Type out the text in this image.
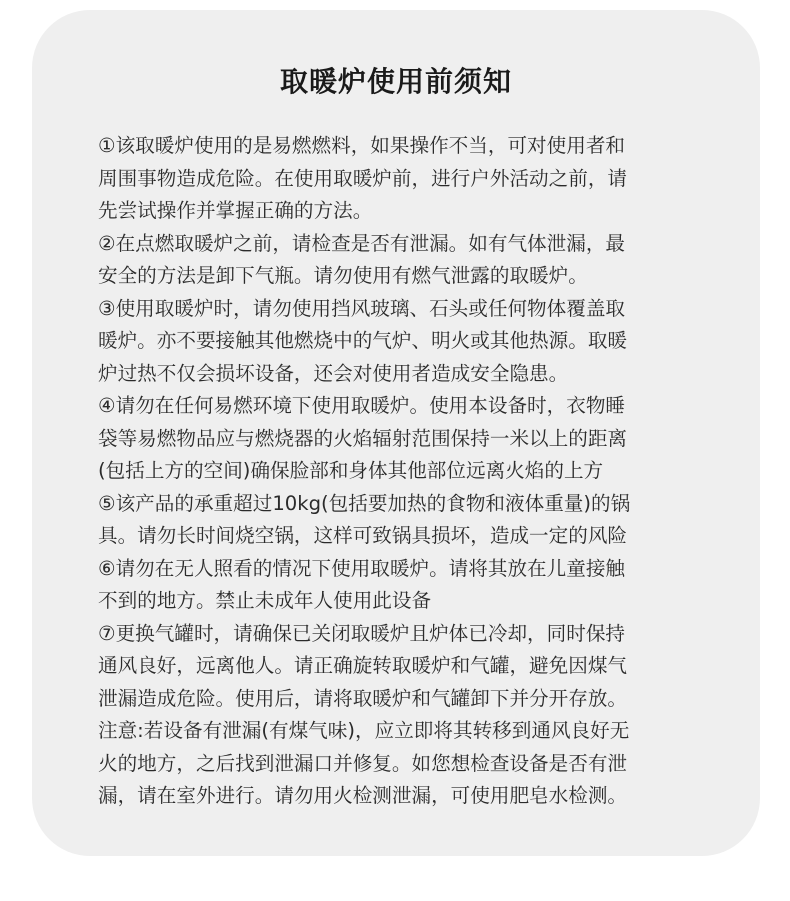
取暖炉使用前须知
①该取暖炉使用的是易燃燃料，如果操作不当，可对使用者和
周围事物造成危险。在使用取暖炉前，进行户外活动之前，请
先尝试操作并掌握正确的方法。
②在点燃取暖炉之前，请检查是否有泄漏。如有气体泄漏，最
安全的方法是卸下气瓶。请勿使用有燃气泄露的取暖炉。
③使用取暖炉时，请勿使用挡风玻璃、石头或任何物体覆盖取
暖炉。亦不要接触其他燃烧中的气炉、明火或其他热源。取暖
炉过热不仅会损坏设备，还会对使用者造成安全隐患。
④请勿在任何易燃环境下使用取暖炉。使用本设备时，衣物睡
袋等易燃物品应与燃烧器的火焰辐射范围保持一米以上的距离
(包括上方的空间)确保脸部和身体其他部位远离火焰的上方
⑤该产品的承重超过10kg(包括要加热的食物和液体重量)的锅
具。请勿长时间烧空锅，这样可致锅具损坏，造成一定的风险
⑥请勿在无人照看的情况下使用取暖炉。请将其放在儿童接触
不到的地方。禁止未成年人使用此设备
⑦更换气罐时，请确保已关闭取暖炉且炉体已冷却，同时保持
通风良好，远离他人。请正确旋转取暖炉和气罐，避免因煤气
泄漏造成危险。使用后，请将取暖炉和气罐卸下并分开存放。
注意:若设备有泄漏(有煤气味)，应立即将其转移到通风良好无
火的地方，之后找到泄漏口并修复。如您想检查设备是否有泄
漏，请在室外进行。请勿用火检测泄漏，可使用肥皂水检测。
